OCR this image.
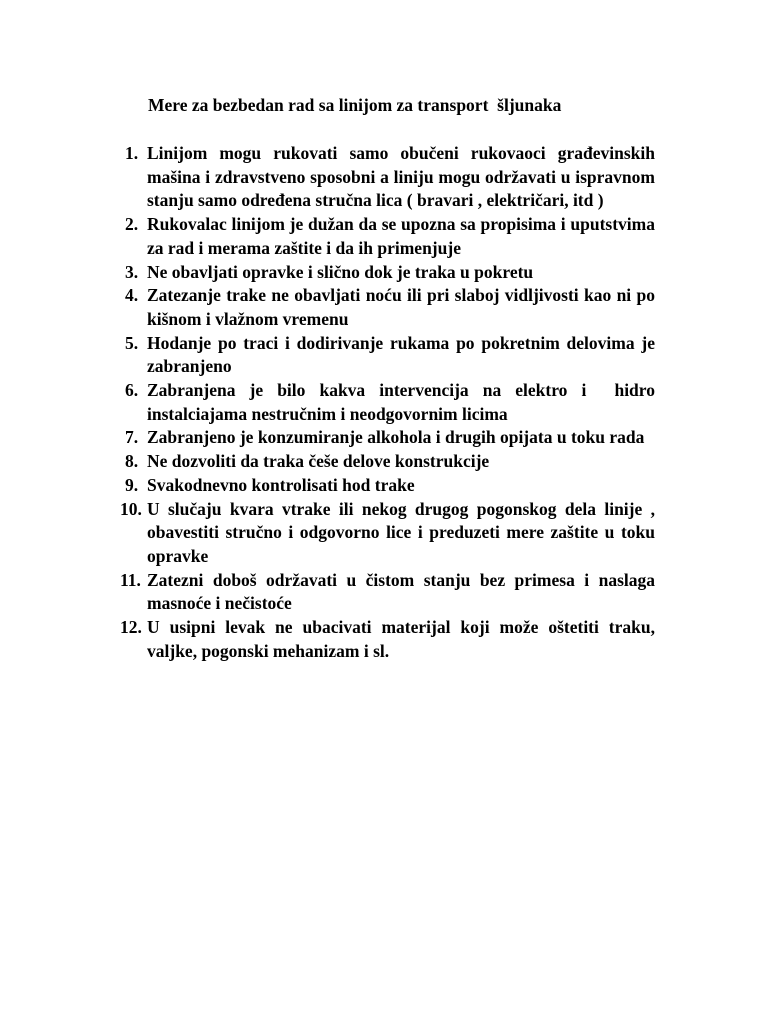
Mere za bezbedan rad sa linijom za transport  šljunaka
1. Linijom mogu rukovati samo obučeni rukovaoci građevinskih mašina i zdravstveno sposobni a liniju mogu održavati u ispravnom stanju samo određena stručna lica ( bravari , električari, itd )
2. Rukovalac linijom je dužan da se upozna sa propisima i uputstvima za rad i merama zaštite i da ih primenjuje
3. Ne obavljati opravke i slično dok je traka u pokretu
4. Zatezanje trake ne obavljati noću ili pri slaboj vidljivosti kao ni po kišnom i vlažnom vremenu
5. Hodanje po traci i dodirivanje rukama po pokretnim delovima je zabranjeno
6. Zabranjena je bilo kakva intervencija na elektro i  hidro instalciajama nestručnim i neodgovornim licima
7. Zabranjeno je konzumiranje alkohola i drugih opijata u toku rada
8. Ne dozvoliti da traka češe delove konstrukcije
9. Svakodnevno kontrolisati hod trake
10. U slučaju kvara vtrake ili nekog drugog pogonskog dela linije , obavestiti stručno i odgovorno lice i preduzeti mere zaštite u toku  opravke
11. Zatezni doboš održavati u čistom stanju bez primesa i naslaga masnoće i nečistoće
12. U usipni levak ne ubacivati materijal koji može oštetiti traku,  valjke, pogonski mehanizam i sl.
